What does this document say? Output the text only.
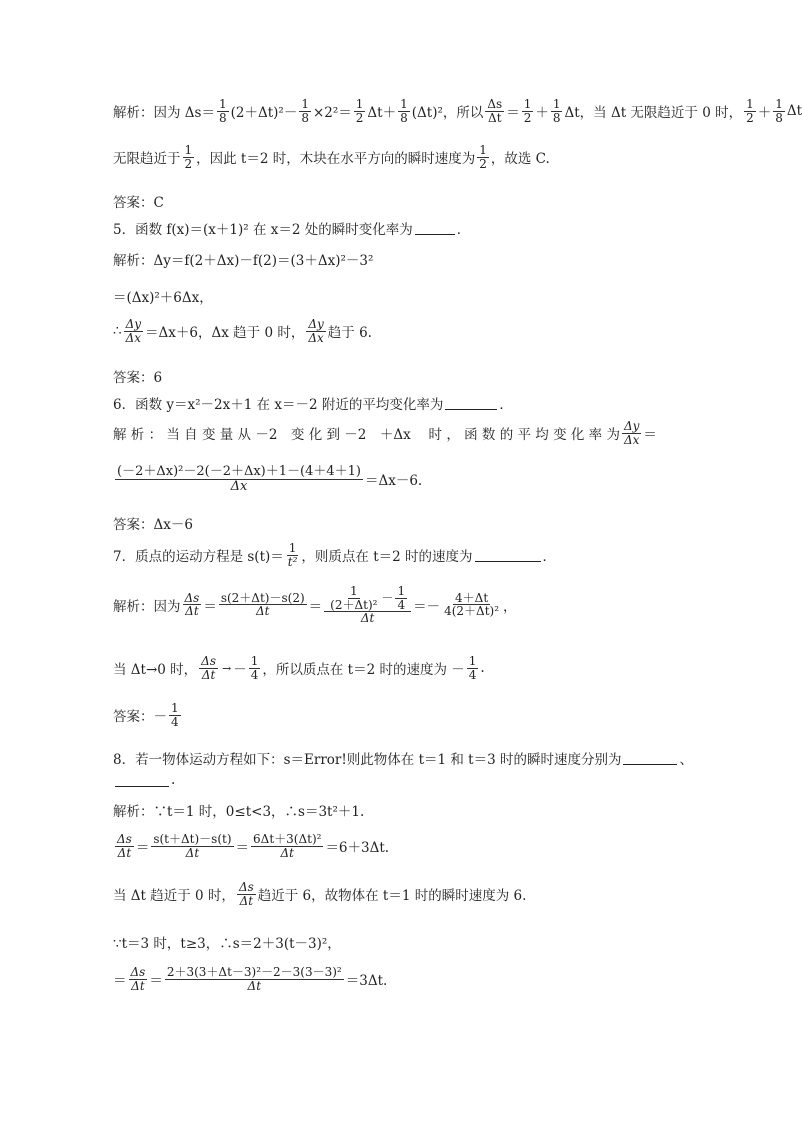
解析： 因为 $\Delta s= \frac{1}{8} (2+\Delta t)^2- \frac{1}{8} \times 2^2= \frac{1}{2} \Delta t+ \frac{1}{8} (\Delta t)^2$，所以 $\frac{\Delta s}{\Delta t} = \frac{1}{2} + \frac{1}{8}$ Δt，当 Δt 无限趋近于 0 时， $\frac{1}{2} + \frac{1}{8}$ Δt
无限趋近于 $\frac{1}{2}$ ，因此 t＝2 时，木块在水平方向的瞬时速度为 $\frac{1}{2}$ ，故选 C.
答案：C
5．函数 f(x)＝(x＋1)² 在 x＝2 处的瞬时变化率为	．
解析：Δy＝f(2＋Δx)－f(2)＝(3＋Δx)²－3²
＝(Δx)²＋6Δx，
∴ $\frac{\Delta y}{\Delta x} =\Delta x+6$，Δx 趋于 0 时， $\frac{\Delta y}{\Delta x}$ 趋于 6.
答案：6
6．函数 y＝x²－2x＋1 在 x＝－2 附近的平均变化率为	．
解 析 ： 当 自 变 量 从 －2　变 化 到 －2　＋Δx　 时 ， 函 数 的 平 均 变 化 率 为 $\frac{\Delta y}{\Delta x}$ ＝
$\frac{\text{(－2＋Δx)²－2(－2＋Δx)＋1－(4＋4＋1)}}{\Delta x} =\Delta x-6$.
答案：Δx－6
7．质点的运动方程是 $s(t)= \frac{1}{\text{t²}}$ ，则质点在 t＝2 时的速度为	．
解析：因为 $\frac{\Delta s}{\Delta t} = \frac{s(2+\Delta t)-s(2)}{\Delta t} = \frac{\frac{1}{\text{(2＋Δt)²}} - \frac{1}{4}}{\Delta t} =- \frac{4+\Delta t}{\text{4(2＋Δt)²}}$ ，
当 Δt→0 时， $\frac{\Delta s}{\Delta t}$ → － $\frac{1}{4}$ ，所以质点在 t＝2 时的速度为 － $\frac{1}{4}$ .
答案：－ $\frac{1}{4}$
8．若一物体运动方程如下：s＝Error!则此物体在 t＝1 和 t＝3 时的瞬时速度分别为	、
.
解析：∵t＝1 时，0≤t<3，∴s＝3t²＋1.
$\frac{\Delta s}{\Delta t} = \frac{s(t+\Delta t)-s(t)}{\Delta t} = \frac{\text{6Δt＋3(Δt)²}}{\Delta t} =6+3\Delta t$.
当 Δt 趋近于 0 时， $\frac{\Delta s}{\Delta t}$ 趋近于 6，故物体在 t＝1 时的瞬时速度为 6.
∵t＝3 时，t≥3，∴s＝2＋3(t－3)²，
＝ $\frac{\Delta s}{\Delta t} = \frac{\text{2＋3(3＋Δt－3)²－2－3(3－3)²}}{\Delta t} =3\Delta t$.
